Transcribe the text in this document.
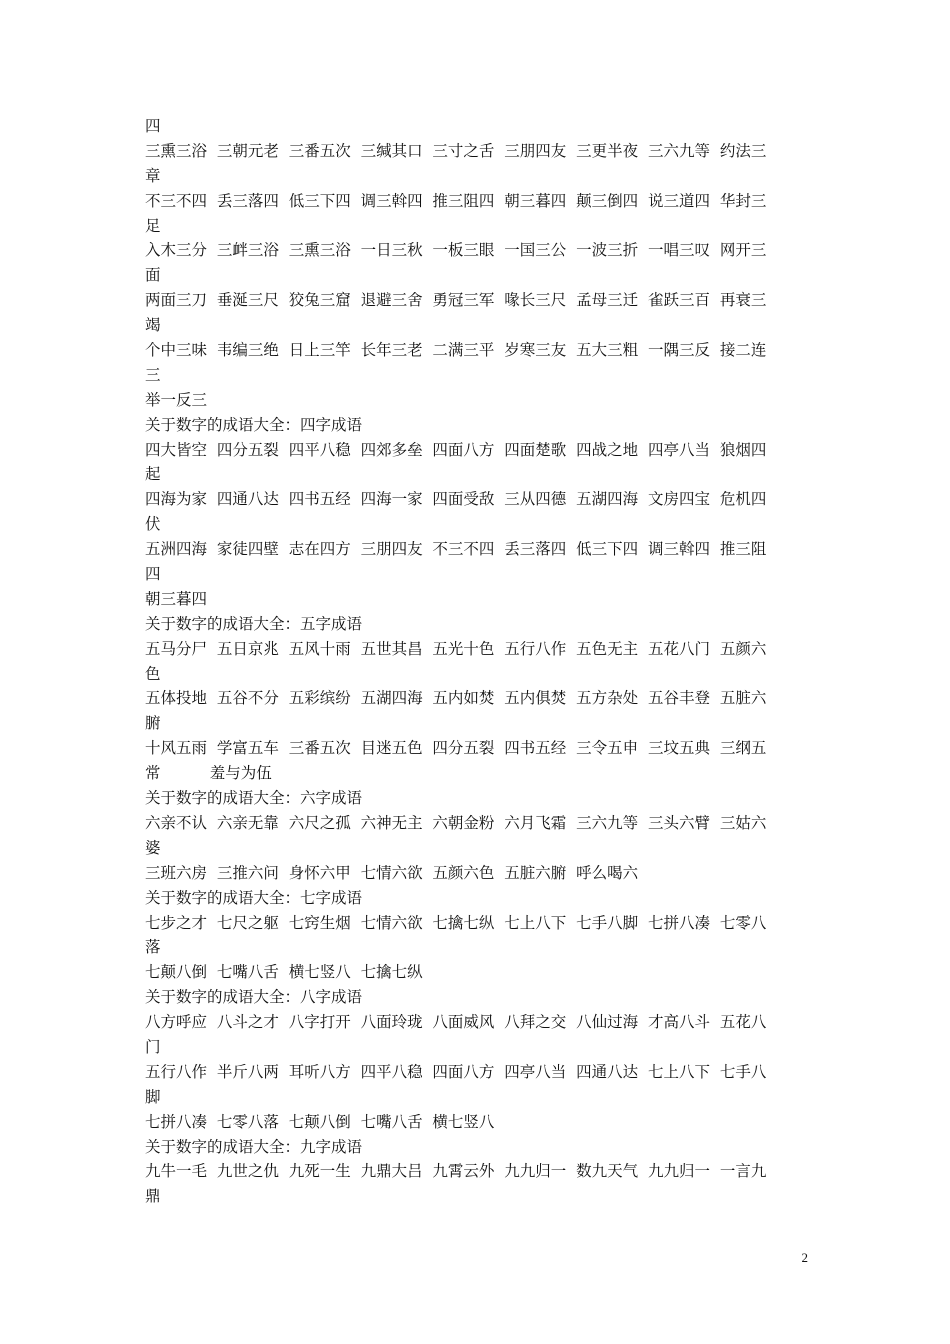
四
三熏三浴  三朝元老  三番五次  三缄其口  三寸之舌  三朋四友  三更半夜  三六九等  约法三
章
不三不四  丢三落四  低三下四  调三斡四  推三阻四  朝三暮四  颠三倒四  说三道四  华封三
足
入木三分  三衅三浴  三熏三浴  一日三秋  一板三眼  一国三公  一波三折  一唱三叹  网开三
面
两面三刀  垂涎三尺  狡兔三窟  退避三舍  勇冠三军  喙长三尺  孟母三迁  雀跃三百  再衰三
竭
个中三味  韦编三绝  日上三竿  长年三老  二满三平  岁寒三友  五大三粗  一隅三反  接二连
三
举一反三
关于数字的成语大全：四字成语
四大皆空  四分五裂  四平八稳  四郊多垒  四面八方  四面楚歌  四战之地  四亭八当  狼烟四
起
四海为家  四通八达  四书五经  四海一家  四面受敌  三从四德  五湖四海  文房四宝  危机四
伏
五洲四海  家徒四壁  志在四方  三朋四友  不三不四  丢三落四  低三下四  调三斡四  推三阻
四
朝三暮四
关于数字的成语大全：五字成语
五马分尸  五日京兆  五风十雨  五世其昌  五光十色  五行八作  五色无主  五花八门  五颜六
色
五体投地  五谷不分  五彩缤纷  五湖四海  五内如焚  五内俱焚  五方杂处  五谷丰登  五脏六
腑
十风五雨  学富五车  三番五次  目迷五色  四分五裂  四书五经  三令五申  三坟五典  三纲五
常          羞与为伍
关于数字的成语大全：六字成语
六亲不认  六亲无靠  六尺之孤  六神无主  六朝金粉  六月飞霜  三六九等  三头六臂  三姑六
婆
三班六房  三推六问  身怀六甲  七情六欲  五颜六色  五脏六腑  呼么喝六
关于数字的成语大全：七字成语
七步之才  七尺之躯  七窍生烟  七情六欲  七擒七纵  七上八下  七手八脚  七拼八凑  七零八
落
七颠八倒  七嘴八舌  横七竖八  七擒七纵
关于数字的成语大全：八字成语
八方呼应  八斗之才  八字打开  八面玲珑  八面威风  八拜之交  八仙过海  才高八斗  五花八
门
五行八作  半斤八两  耳听八方  四平八稳  四面八方  四亭八当  四通八达  七上八下  七手八
脚
七拼八凑  七零八落  七颠八倒  七嘴八舌  横七竖八
关于数字的成语大全：九字成语
九牛一毛  九世之仇  九死一生  九鼎大吕  九霄云外  九九归一  数九天气  九九归一  一言九
鼎
2
